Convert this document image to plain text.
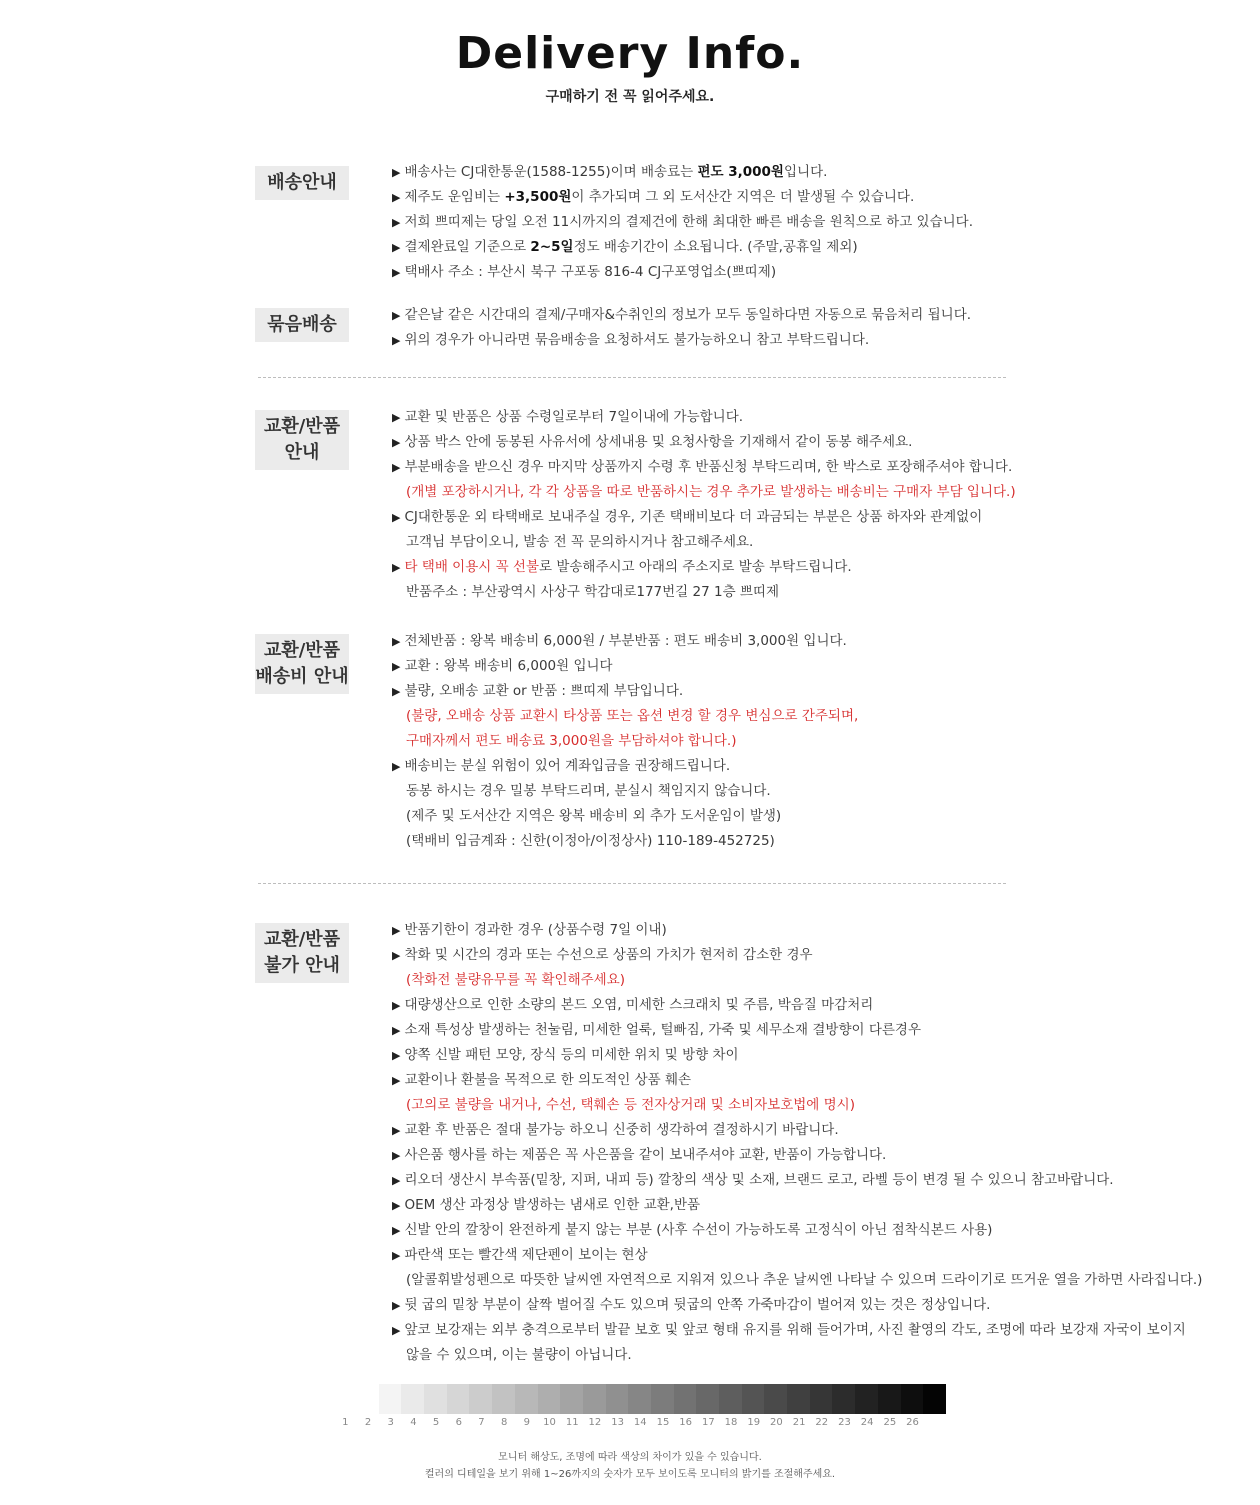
Delivery Info.
구매하기 전 꼭 읽어주세요.
배송안내	▶ 배송사는 CJ대한통운(1588-1255)이며 배송료는 편도 3,000원입니다.
▶ 제주도 운임비는 +3,500원이 추가되며 그 외 도서산간 지역은 더 발생될 수 있습니다.
▶ 저희 쁘띠제는 당일 오전 11시까지의 결제건에 한해 최대한 빠른 배송을 원칙으로 하고 있습니다.
▶ 결제완료일 기준으로 2~5일정도 배송기간이 소요됩니다. (주말,공휴일 제외)
▶ 택배사 주소 : 부산시 북구 구포동 816-4 CJ구포영업소(쁘띠제)
묶음배송	▶ 같은날 같은 시간대의 결제/구매자&수취인의 정보가 모두 동일하다면 자동으로 묶음처리 됩니다.
▶ 위의 경우가 아니라면 묶음배송을 요청하셔도 불가능하오니 참고 부탁드립니다.
교환/반품
안내
▶ 교환 및 반품은 상품 수령일로부터 7일이내에 가능합니다.
▶ 상품 박스 안에 동봉된 사유서에 상세내용 및 요청사항을 기재해서 같이 동봉 해주세요.
▶ 부분배송을 받으신 경우 마지막 상품까지 수령 후 반품신청 부탁드리며, 한 박스로 포장해주셔야 합니다.
(개별 포장하시거나, 각 각 상품을 따로 반품하시는 경우 추가로 발생하는 배송비는 구매자 부담 입니다.)
▶ CJ대한통운 외 타택배로 보내주실 경우, 기존 택배비보다 더 과금되는 부분은 상품 하자와 관계없이
고객님 부담이오니, 발송 전 꼭 문의하시거나 참고해주세요.
▶ 타 택배 이용시 꼭 선불로 발송해주시고 아래의 주소지로 발송 부탁드립니다.
반품주소 : 부산광역시 사상구 학감대로177번길 27 1층 쁘띠제
교환/반품
배송비 안내
▶ 전체반품 : 왕복 배송비 6,000원 / 부분반품 : 편도 배송비 3,000원 입니다.
▶ 교환 : 왕복 배송비 6,000원 입니다
▶ 불량, 오배송 교환 or 반품 : 쁘띠제 부담입니다.
(불량, 오배송 상품 교환시 타상품 또는 옵션 변경 할 경우 변심으로 간주되며,
구매자께서 편도 배송료 3,000원을 부담하셔야 합니다.)
▶ 배송비는 분실 위험이 있어 계좌입금을 권장해드립니다.
동봉 하시는 경우 밀봉 부탁드리며, 분실시 책임지지 않습니다.
(제주 및 도서산간 지역은 왕복 배송비 외 추가 도서운임이 발생)
(택배비 입금계좌 : 신한(이정아/이정상사) 110-189-452725)
교환/반품
불가 안내
▶ 반품기한이 경과한 경우 (상품수령 7일 이내)
▶ 착화 및 시간의 경과 또는 수선으로 상품의 가치가 현저히 감소한 경우
(착화전 불량유무를 꼭 확인해주세요)
▶ 대량생산으로 인한 소량의 본드 오염, 미세한 스크래치 및 주름, 박음질 마감처리
▶ 소재 특성상 발생하는 천눌림, 미세한 얼룩, 털빠짐, 가죽 및 세무소재 결방향이 다른경우
▶ 양쪽 신발 패턴 모양, 장식 등의 미세한 위치 및 방향 차이
▶ 교환이나 환불을 목적으로 한 의도적인 상품 훼손
(고의로 불량을 내거나, 수선, 택훼손 등 전자상거래 및 소비자보호법에 명시)
▶ 교환 후 반품은 절대 불가능 하오니 신중히 생각하여 결정하시기 바랍니다.
▶ 사은품 행사를 하는 제품은 꼭 사은품을 같이 보내주셔야 교환, 반품이 가능합니다.
▶ 리오더 생산시 부속품(밑창, 지퍼, 내피 등) 깔창의 색상 및 소재, 브랜드 로고, 라벨 등이 변경 될 수 있으니 참고바랍니다.
▶ OEM 생산 과정상 발생하는 냄새로 인한 교환,반품
▶ 신발 안의 깔창이 완전하게 붙지 않는 부분 (사후 수선이 가능하도록 고정식이 아닌 점착식본드 사용)
▶ 파란색 또는 빨간색 제단펜이 보이는 현상
(알콜휘발성펜으로 따뜻한 날씨엔 자연적으로 지워져 있으나 추운 날씨엔 나타날 수 있으며 드라이기로 뜨거운 열을 가하면 사라집니다.)
▶ 뒷 굽의 밑창 부분이 살짝 벌어질 수도 있으며 뒷굽의 안쪽 가죽마감이 벌어져 있는 것은 정상입니다.
▶ 앞코 보강재는 외부 충격으로부터 발끝 보호 및 앞코 형태 유지를 위해 들어가며, 사진 촬영의 각도, 조명에 따라 보강재 자국이 보이지
않을 수 있으며, 이는 불량이 아닙니다.
1	2	3	4	5	6	7	8	9	10 11 12 13 14 15 16 17 18 19 20 21 22 23 24 25 26
모니터 해상도, 조명에 따라 색상의 차이가 있을 수 있습니다.
컬러의 디테일을 보기 위해 1~26까지의 숫자가 모두 보이도록 모니터의 밝기를 조절해주세요.
